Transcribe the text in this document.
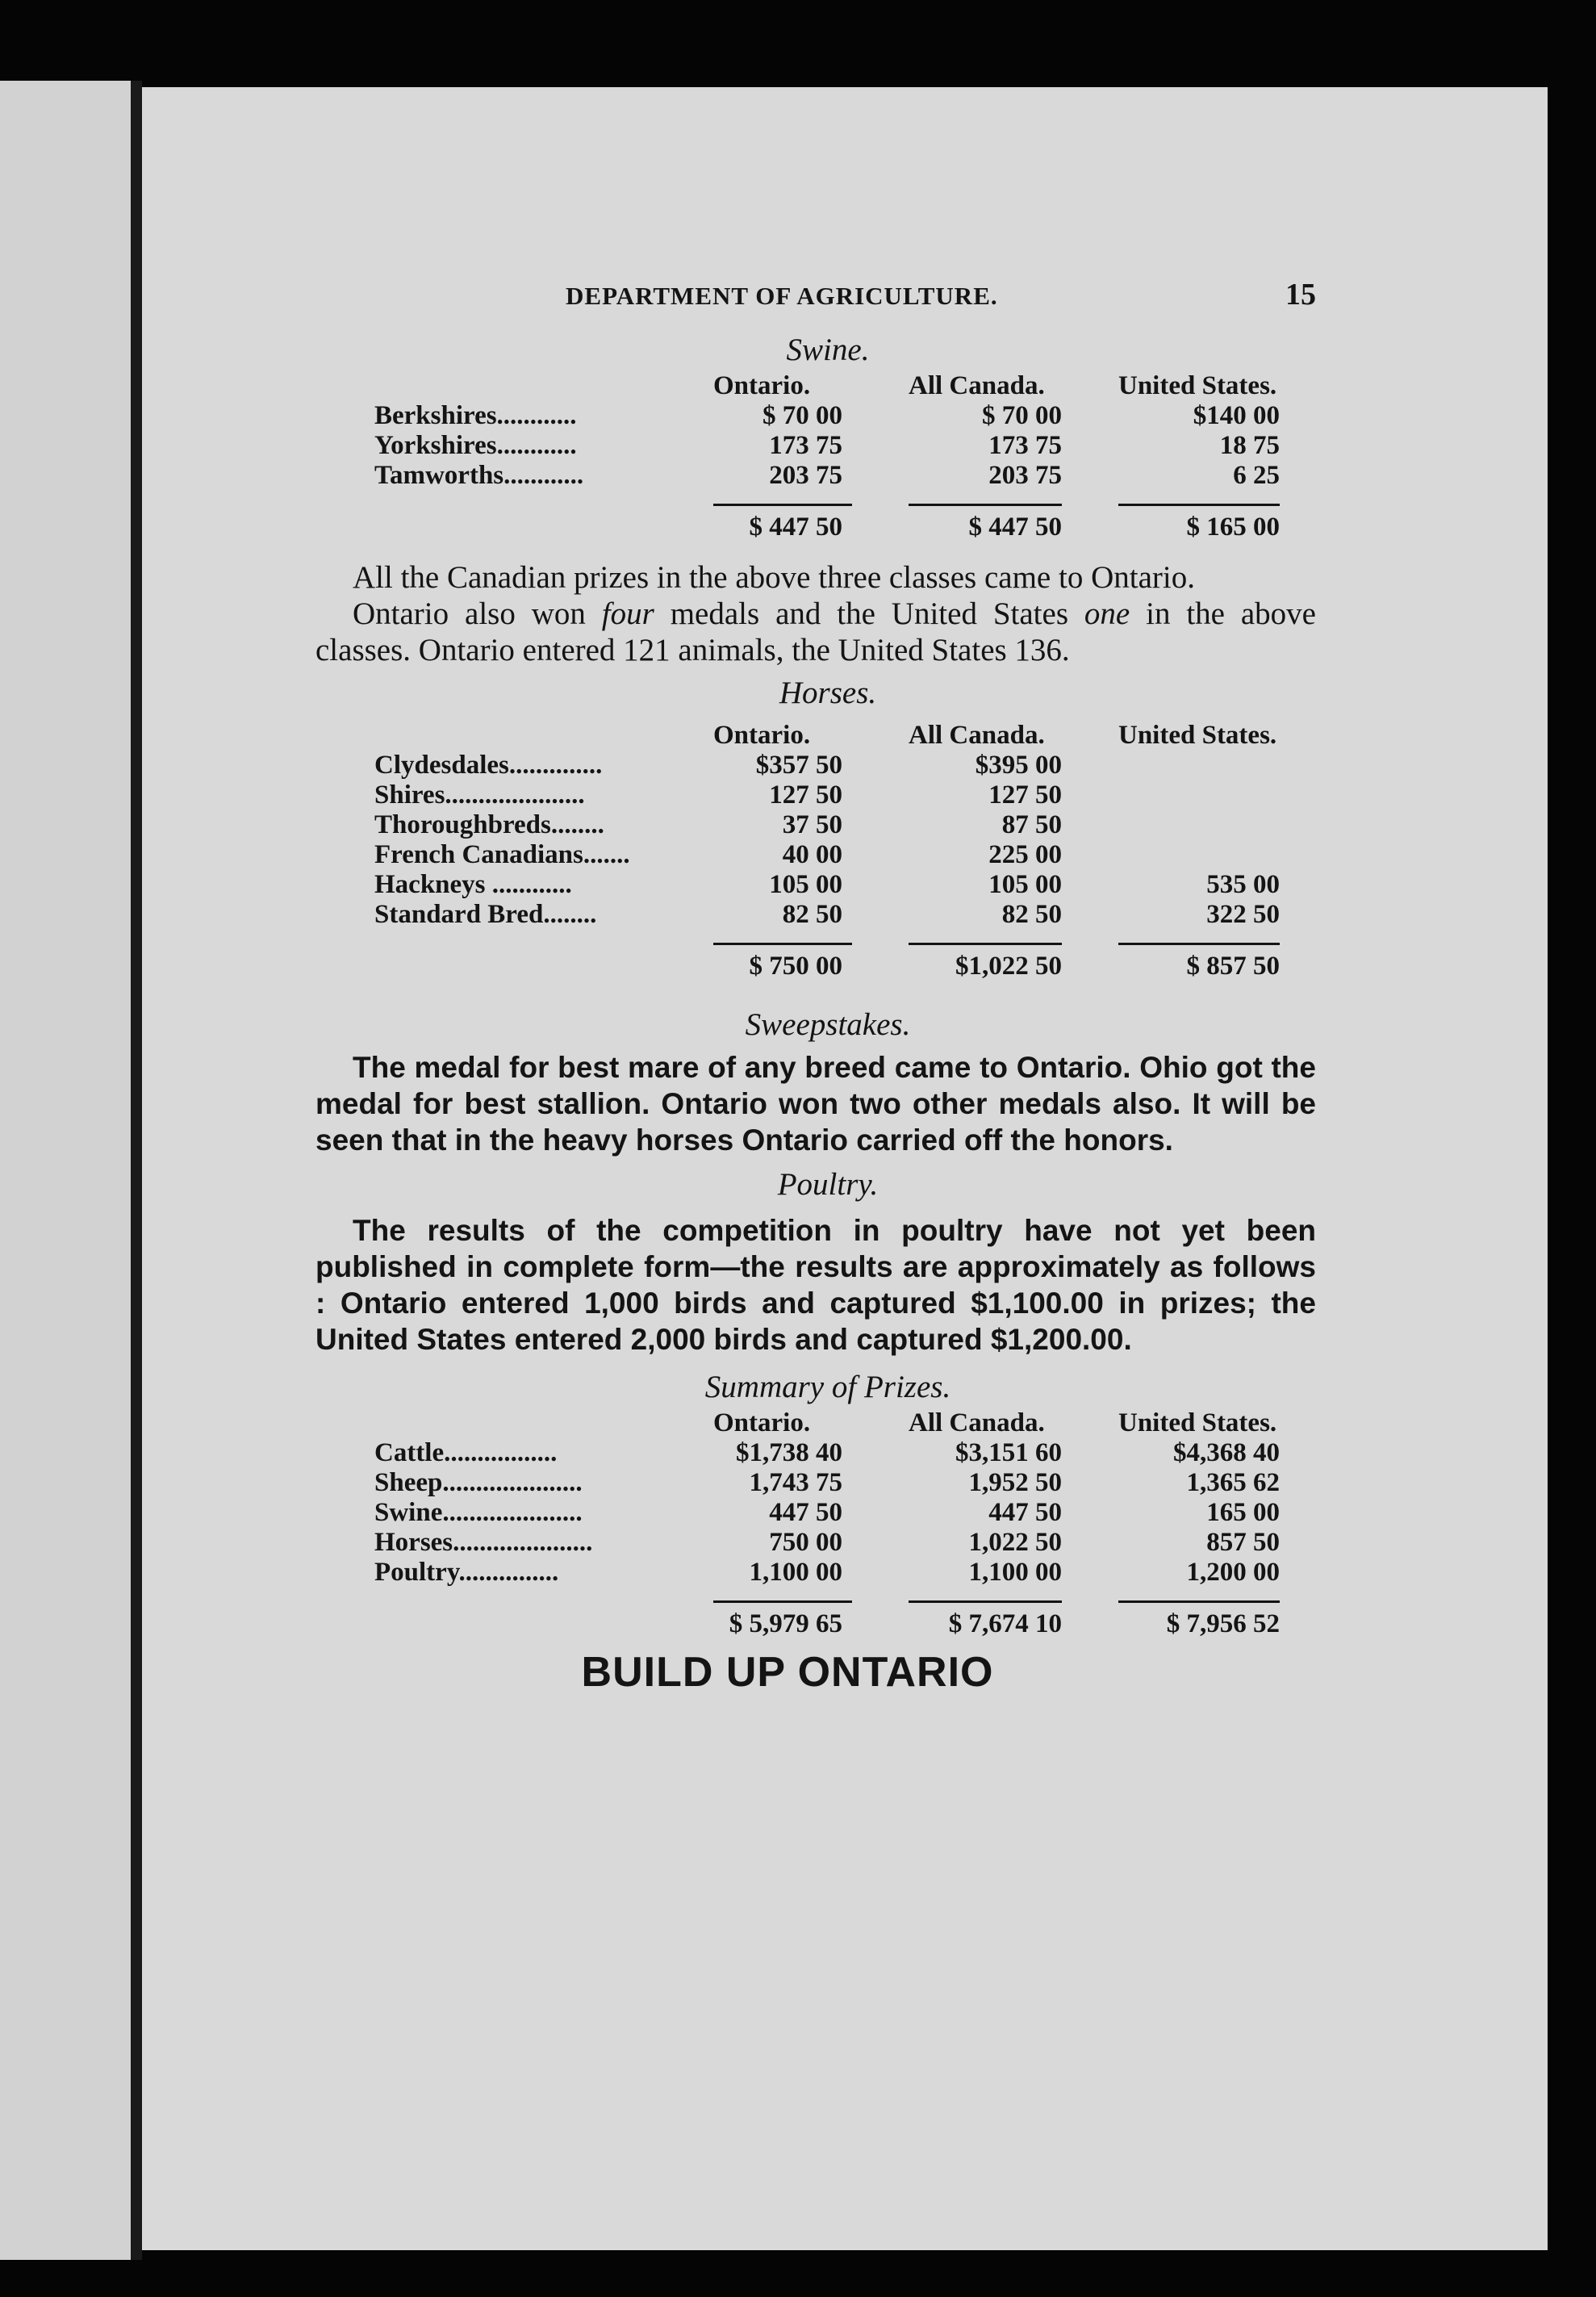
DEPARTMENT OF AGRICULTURE.	15
Swine.
	Ontario.		All Canada.		United States.
Berkshires............	$ 70 00		$ 70 00		$140 00
Yorkshires............	173 75		173 75		18 75
Tamworths............	203 75		203 75		6 25

	$ 447 50		$ 447 50		$ 165 00

All the Canadian prizes in the above three classes came to Ontario.

Ontario also won four medals and the United States one in the above classes. Ontario entered 121 animals, the United States 136.

Horses.
	Ontario.		All Canada.		United States.
Clydesdales..............	$357 50		$395 00		
Shires.....................	127 50		127 50		
Thoroughbreds........	37 50		87 50		
French Canadians.......	40 00		225 00		
Hackneys ............	105 00		105 00		535 00
Standard Bred........	82 50		82 50		322 50

	$ 750 00		$1,022 50		$ 857 50
Sweepstakes.

The medal for best mare of any breed came to Ontario. Ohio got the medal for best stallion. Ontario won two other medals also. It will be seen that in the heavy horses Ontario carried off the honors.

Poultry.

The results of the competition in poultry have not yet been published in complete form—the results are approximately as follows : Ontario entered 1,000 birds and captured $1,100.00 in prizes; the United States entered 2,000 birds and captured $1,200.00.

Summary of Prizes.
	Ontario.		All Canada.		United States.
Cattle.................	$1,738 40		$3,151 60		$4,368 40
Sheep.....................	1,743 75		1,952 50		1,365 62
Swine.....................	447 50		447 50		165 00
Horses.....................	750 00		1,022 50		857 50
Poultry...............	1,100 00		1,100 00		1,200 00

	$ 5,979 65		$ 7,674 10		$ 7,956 52
BUILD UP ONTARIO
